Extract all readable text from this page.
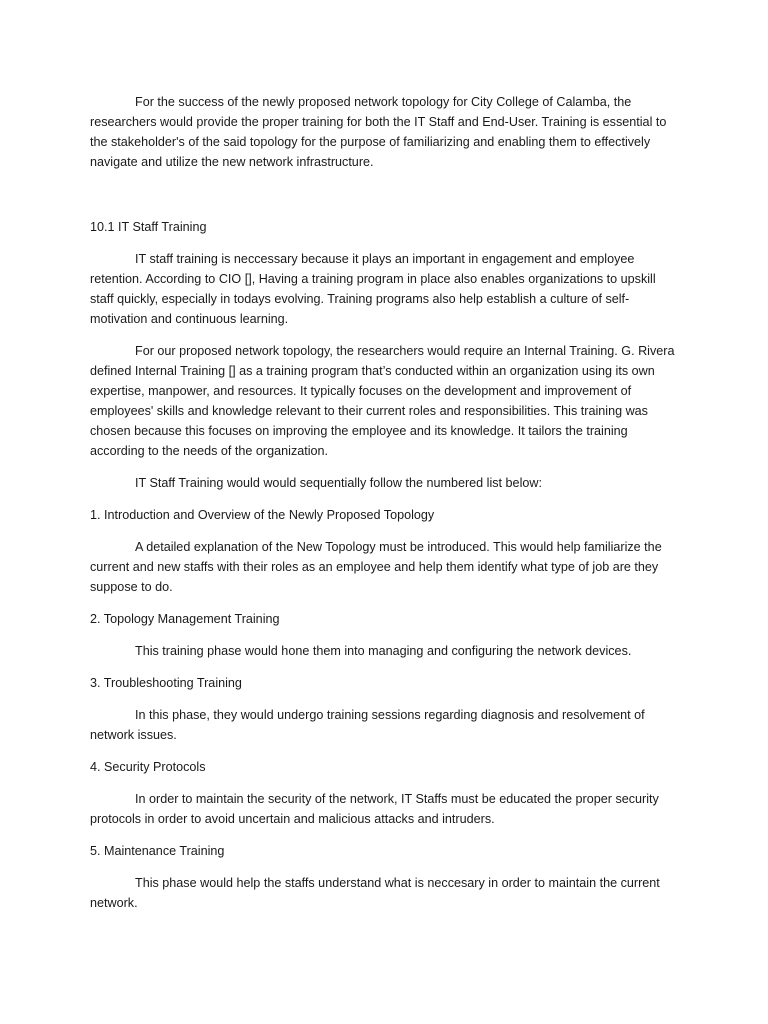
For the success of the newly proposed network topology for City College of Calamba, the researchers would provide the proper training for both the IT Staff and End-User. Training is essential to the stakeholder's of the said topology for the purpose of familiarizing and enabling them to effectively navigate and utilize the new network infrastructure.

10.1 IT Staff Training

IT staff training is neccessary because it plays an important in engagement and employee retention. According to CIO [], Having a training program in place also enables organizations to upskill staff quickly, especially in todays evolving. Training programs also help establish a culture of self-motivation and continuous learning.

For our proposed network topology, the researchers would require an Internal Training. G. Rivera defined Internal Training [] as a training program that’s conducted within an organization using its own expertise, manpower, and resources. It typically focuses on the development and improvement of employees' skills and knowledge relevant to their current roles and responsibilities. This training was chosen because this focuses on improving the employee and its knowledge. It tailors the training according to the needs of the organization.

IT Staff Training would would sequentially follow the numbered list below:

1. Introduction and Overview of the Newly Proposed Topology

A detailed explanation of the New Topology must be introduced. This would help familiarize the current and new staffs with their roles as an employee and help them identify what type of job are they suppose to do.

2. Topology Management Training

This training phase would hone them into managing and configuring the network devices.

3. Troubleshooting Training

In this phase, they would undergo training sessions regarding diagnosis and resolvement of network issues.

4. Security Protocols

In order to maintain the security of the network, IT Staffs must be educated the proper security protocols in order to avoid uncertain and malicious attacks and intruders.

5. Maintenance Training

This phase would help the staffs understand what is neccesary in order to maintain the current network.
